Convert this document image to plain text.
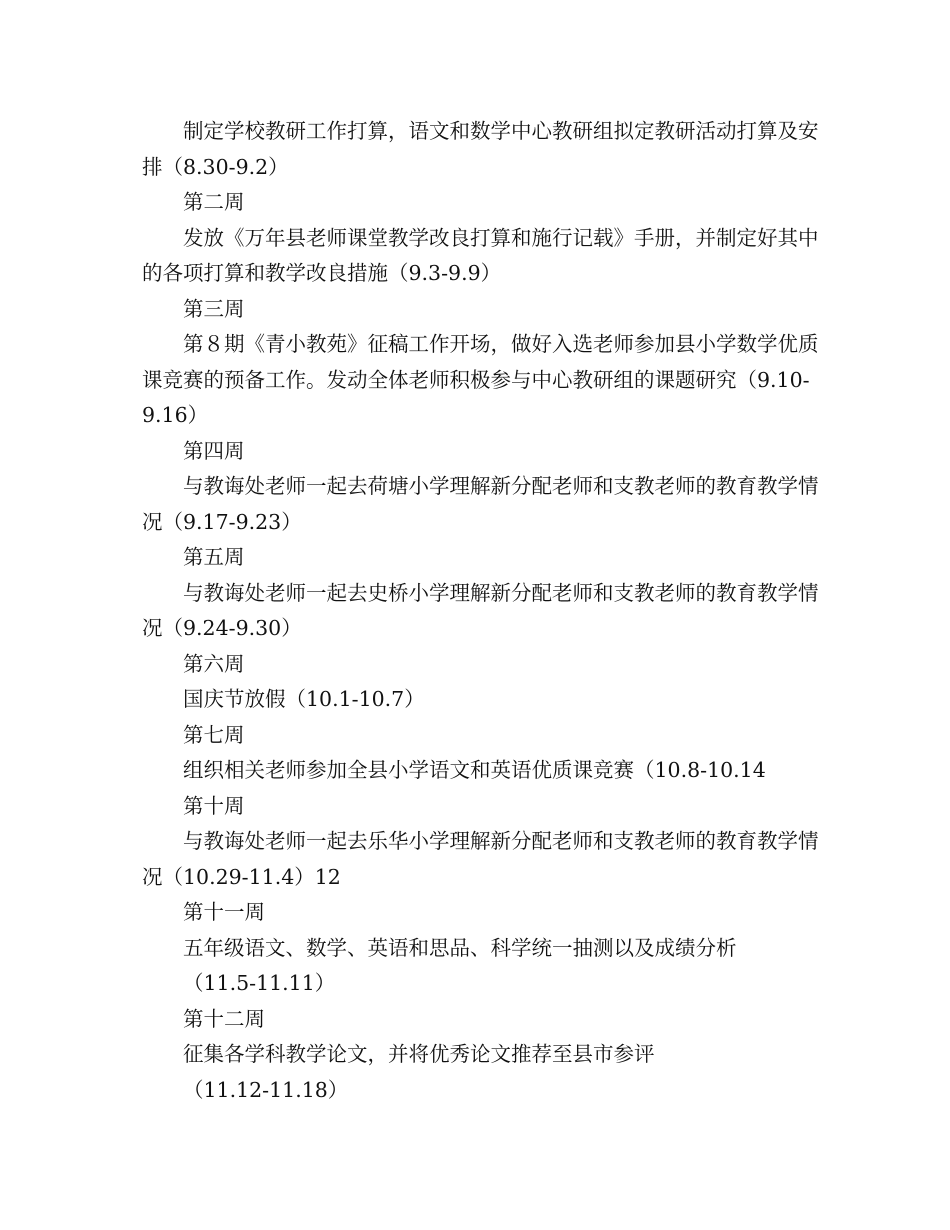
制定学校教研工作打算，语文和数学中心教研组拟定教研活动打算及安排（8.30-9.2）

第二周

发放《万年县老师课堂教学改良打算和施行记载》手册，并制定好其中的各项打算和教学改良措施（9.3-9.9）

第三周

第８期《青小教苑》征稿工作开场，做好入选老师参加县小学数学优质课竞赛的预备工作。发动全体老师积极参与中心教研组的课题研究（9.10-9.16）

第四周

与教诲处老师一起去荷塘小学理解新分配老师和支教老师的教育教学情况（9.17-9.23）

第五周

与教诲处老师一起去史桥小学理解新分配老师和支教老师的教育教学情况（9.24-9.30）

第六周

国庆节放假（10.1-10.7）

第七周

组织相关老师参加全县小学语文和英语优质课竞赛（10.8-10.14

第十周

与教诲处老师一起去乐华小学理解新分配老师和支教老师的教育教学情况（10.29-11.4）12

第十一周

五年级语文、数学、英语和思品、科学统一抽测以及成绩分析

（11.5-11.11）

第十二周

征集各学科教学论文，并将优秀论文推荐至县市参评

（11.12-11.18）
